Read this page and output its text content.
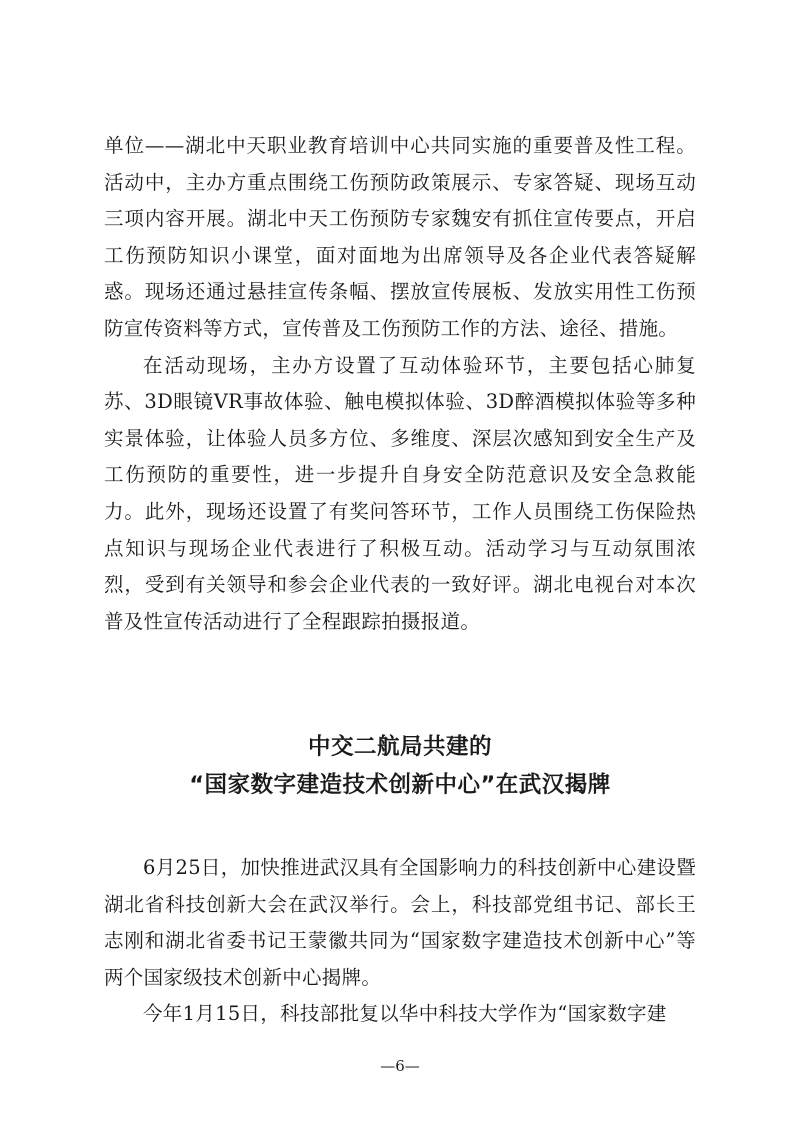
单位——湖北中天职业教育培训中心共同实施的重要普及性工程。活动中，主办方重点围绕工伤预防政策展示、专家答疑、现场互动三项内容开展。湖北中天工伤预防专家魏安有抓住宣传要点，开启工伤预防知识小课堂，面对面地为出席领导及各企业代表答疑解惑。现场还通过悬挂宣传条幅、摆放宣传展板、发放实用性工伤预防宣传资料等方式，宣传普及工伤预防工作的方法、途径、措施。

在活动现场，主办方设置了互动体验环节，主要包括心肺复苏、3D眼镜VR事故体验、触电模拟体验、3D醉酒模拟体验等多种实景体验，让体验人员多方位、多维度、深层次感知到安全生产及工伤预防的重要性，进一步提升自身安全防范意识及安全急救能力。此外，现场还设置了有奖问答环节，工作人员围绕工伤保险热点知识与现场企业代表进行了积极互动。活动学习与互动氛围浓烈，受到有关领导和参会企业代表的一致好评。湖北电视台对本次普及性宣传活动进行了全程跟踪拍摄报道。

中交二航局共建的
“国家数字建造技术创新中心”在武汉揭牌

6月25日，加快推进武汉具有全国影响力的科技创新中心建设暨湖北省科技创新大会在武汉举行。会上，科技部党组书记、部长王志刚和湖北省委书记王蒙徽共同为“国家数字建造技术创新中心”等两个国家级技术创新中心揭牌。

今年1月15日，科技部批复以华中科技大学作为“国家数字建

—6—
